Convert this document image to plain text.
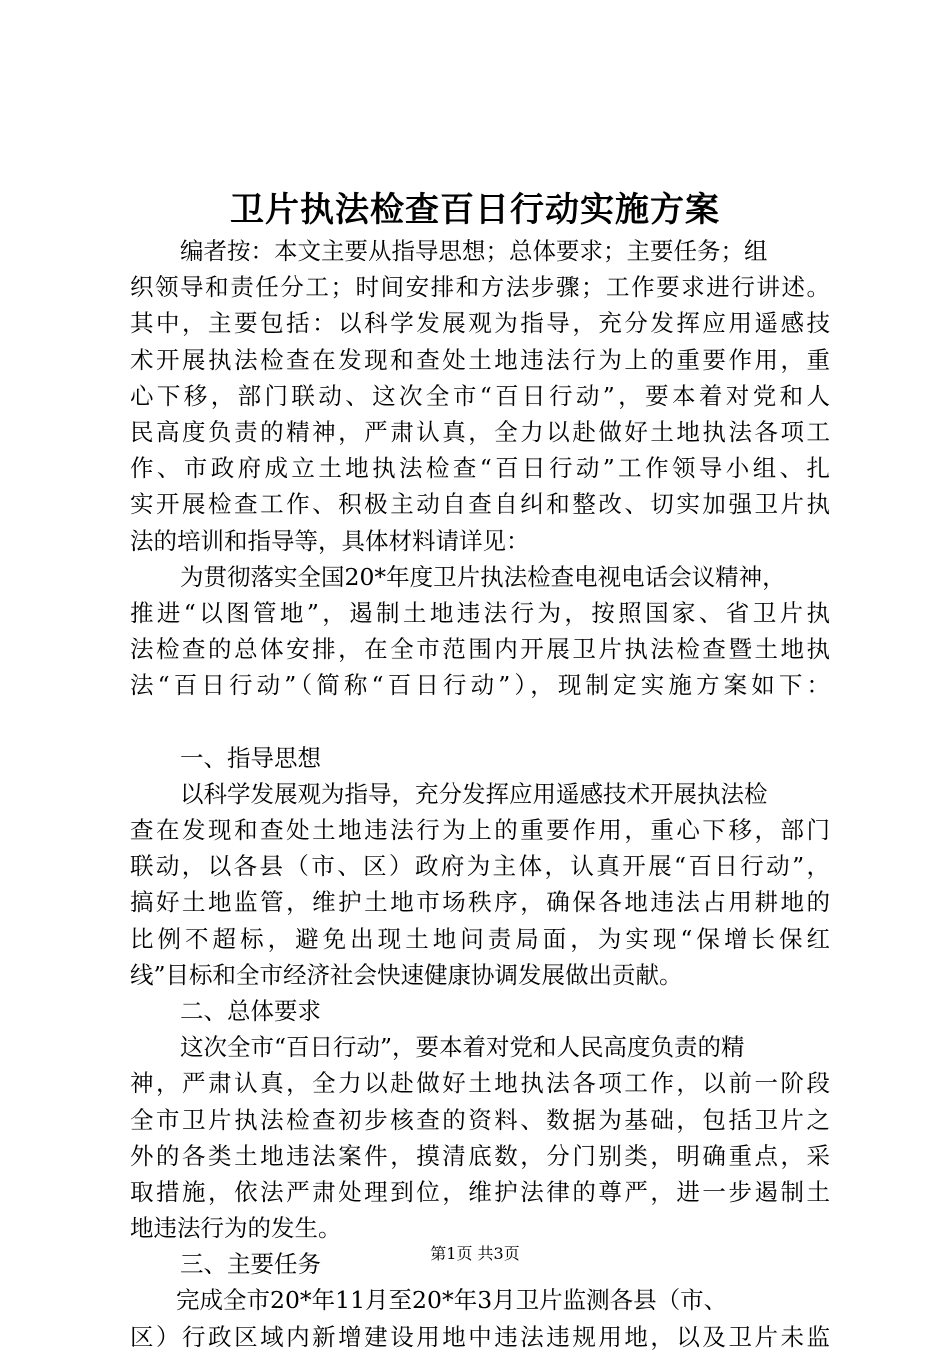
卫片执法检查百日行动实施方案
编者按：本文主要从指导思想；总体要求；主要任务；组
织领导和责任分工；时间安排和方法步骤；工作要求进行讲述。
其中，主要包括：以科学发展观为指导，充分发挥应用遥感技
术开展执法检查在发现和查处土地违法行为上的重要作用，重
心下移，部门联动、这次全市“百日行动”，要本着对党和人
民高度负责的精神，严肃认真，全力以赴做好土地执法各项工
作、市政府成立土地执法检查“百日行动”工作领导小组、扎
实开展检查工作、积极主动自查自纠和整改、切实加强卫片执
法的培训和指导等，具体材料请详见：
为贯彻落实全国20*年度卫片执法检查电视电话会议精神，
推进“以图管地”，遏制土地违法行为，按照国家、省卫片执
法检查的总体安排，在全市范围内开展卫片执法检查暨土地执
法“百日行动”（简称“百日行动”），现制定实施方案如下：
一、指导思想
以科学发展观为指导，充分发挥应用遥感技术开展执法检
查在发现和查处土地违法行为上的重要作用，重心下移，部门
联动，以各县（市、区）政府为主体，认真开展“百日行动”，
搞好土地监管，维护土地市场秩序，确保各地违法占用耕地的
比例不超标，避免出现土地问责局面，为实现“保增长保红
线”目标和全市经济社会快速健康协调发展做出贡献。
二、总体要求
这次全市“百日行动”，要本着对党和人民高度负责的精
神，严肃认真，全力以赴做好土地执法各项工作，以前一阶段
全市卫片执法检查初步核查的资料、数据为基础，包括卫片之
外的各类土地违法案件，摸清底数，分门别类，明确重点，采
取措施，依法严肃处理到位，维护法律的尊严，进一步遏制土
地违法行为的发生。
三、主要任务
完成全市20*年11月至20*年3月卫片监测各县（市、
区）行政区域内新增建设用地中违法违规用地，以及卫片未监
第1页 共3页
